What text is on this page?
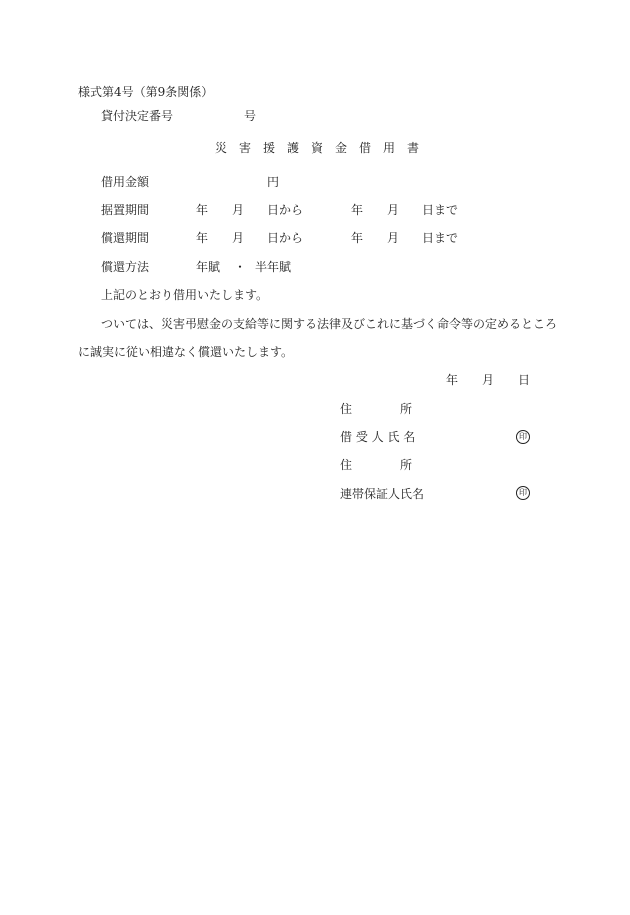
様式第4号（第9条関係）
貸付決定番号	号
災　害　援　護　資　金　借　用　書
借用金額	円
据置期間	年 月 日から	年 月 日まで
償還期間	年 月 日から	年 月 日まで
償還方法	年賦 ・ 半年賦
上記のとおり借用いたします。
ついては、災害弔慰金の支給等に関する法律及びこれに基づく命令等の定めるところ
に誠実に従い相違なく償還いたします。
年 月 日
住　　　　所
借 受 人 氏 名	印
住　　　　所
連帯保証人氏名	印
